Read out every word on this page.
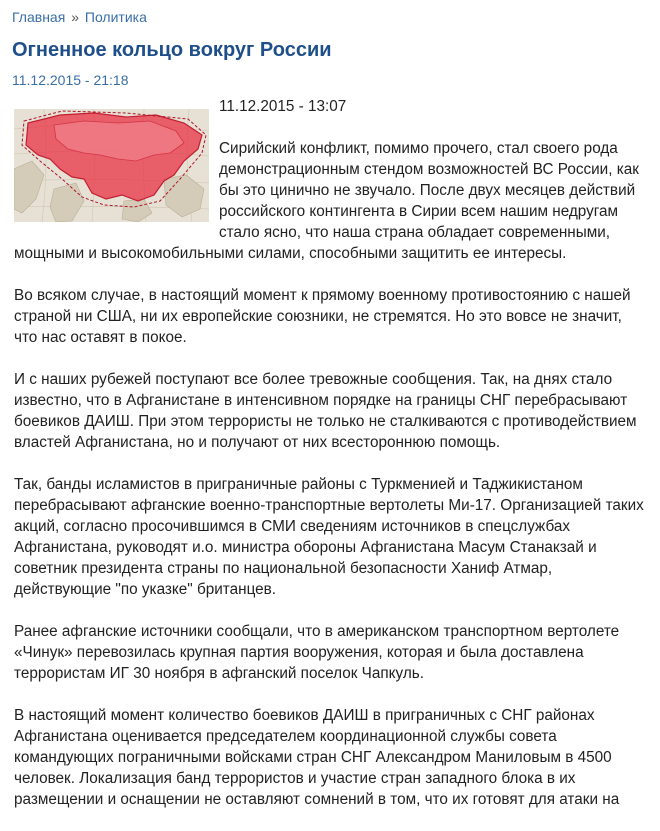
Главная » Политика
Огненное кольцо вокруг России
11.12.2015 - 21:18
11.12.2015 - 13:07

Сирийский конфликт, помимо прочего, стал своего рода демонстрационным стендом возможностей ВС России, как бы это цинично не звучало. После двух месяцев действий российского контингента в Сирии всем нашим недругам стало ясно, что наша страна обладает современными, мощными и высокомобильными силами, способными защитить ее интересы.

Во всяком случае, в настоящий момент к прямому военному противостоянию с нашей страной ни США, ни их европейские союзники, не стремятся. Но это вовсе не значит, что нас оставят в покое.

И с наших рубежей поступают все более тревожные сообщения. Так, на днях стало известно, что в Афганистане в интенсивном порядке на границы СНГ перебрасывают боевиков ДАИШ. При этом террористы не только не сталкиваются с противодействием властей Афганистана, но и получают от них всестороннюю помощь.

Так, банды исламистов в приграничные районы с Туркменией и Таджикистаном перебрасывают афганские военно-транспортные вертолеты Ми-17. Организацией таких акций, согласно просочившимся в СМИ сведениям источников в спецслужбах Афганистана, руководят и.о. министра обороны Афганистана Масум Станакзай и советник президента страны по национальной безопасности Ханиф Атмар, действующие "по указке" британцев.

Ранее афганские источники сообщали, что в американском транспортном вертолете «Чинук» перевозилась крупная партия вооружения, которая и была доставлена террористам ИГ 30 ноября в афганский поселок Чапкуль.

В настоящий момент количество боевиков ДАИШ в приграничных с СНГ районах Афганистана оценивается председателем координационной службы совета командующих пограничными войсками стран СНГ Александром Маниловым в 4500 человек. Локализация банд террористов и участие стран западного блока в их размещении и оснащении не оставляют сомнений в том, что их готовят для атаки на
